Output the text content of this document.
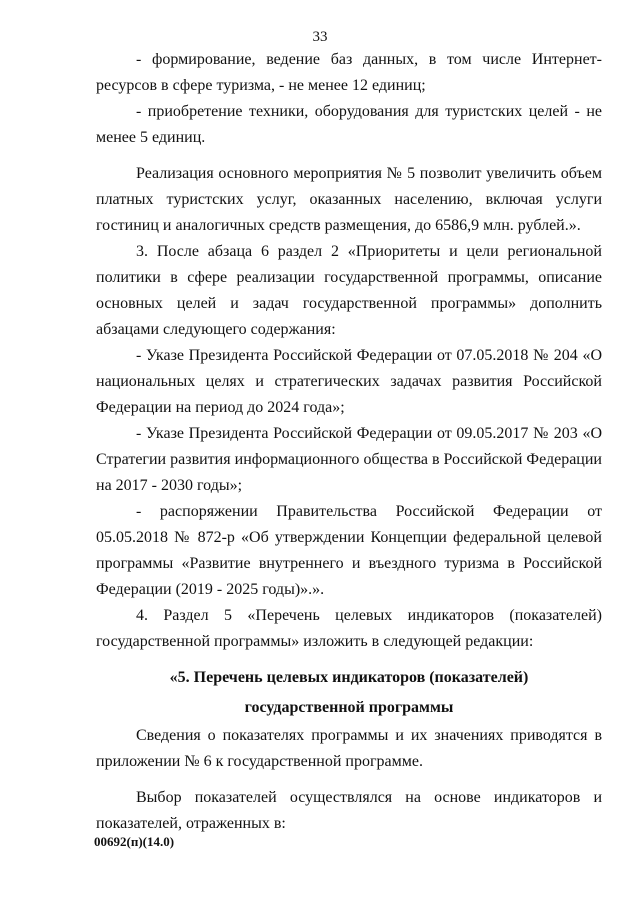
33

- формирование, ведение баз данных, в том числе Интернет-ресурсов в сфере туризма, - не менее 12 единиц;

- приобретение техники, оборудования для туристских целей - не менее 5 единиц.

Реализация основного мероприятия № 5 позволит увеличить объем платных туристских услуг, оказанных населению, включая услуги гостиниц и аналогичных средств размещения, до 6586,9 млн. рублей.».

3. После абзаца 6 раздел 2 «Приоритеты и цели региональной политики в сфере реализации государственной программы, описание основных целей и задач государственной программы» дополнить абзацами следующего содержания:

- Указе Президента Российской Федерации от 07.05.2018 № 204 «О национальных целях и стратегических задачах развития Российской Федерации на период до 2024 года»;

- Указе Президента Российской Федерации от 09.05.2017 № 203 «О Стратегии развития информационного общества в Российской Федерации на 2017 - 2030 годы»;

- распоряжении Правительства Российской Федерации от 05.05.2018 № 872-р «Об утверждении Концепции федеральной целевой программы «Развитие внутреннего и въездного туризма в Российской Федерации (2019 - 2025 годы)».».

4. Раздел 5 «Перечень целевых индикаторов (показателей) государственной программы» изложить в следующей редакции:

«5. Перечень целевых индикаторов (показателей)
государственной программы

Сведения о показателях программы и их значениях приводятся в приложении № 6 к государственной программе.

Выбор показателей осуществлялся на основе индикаторов и показателей, отраженных в:

00692(п)(14.0)
